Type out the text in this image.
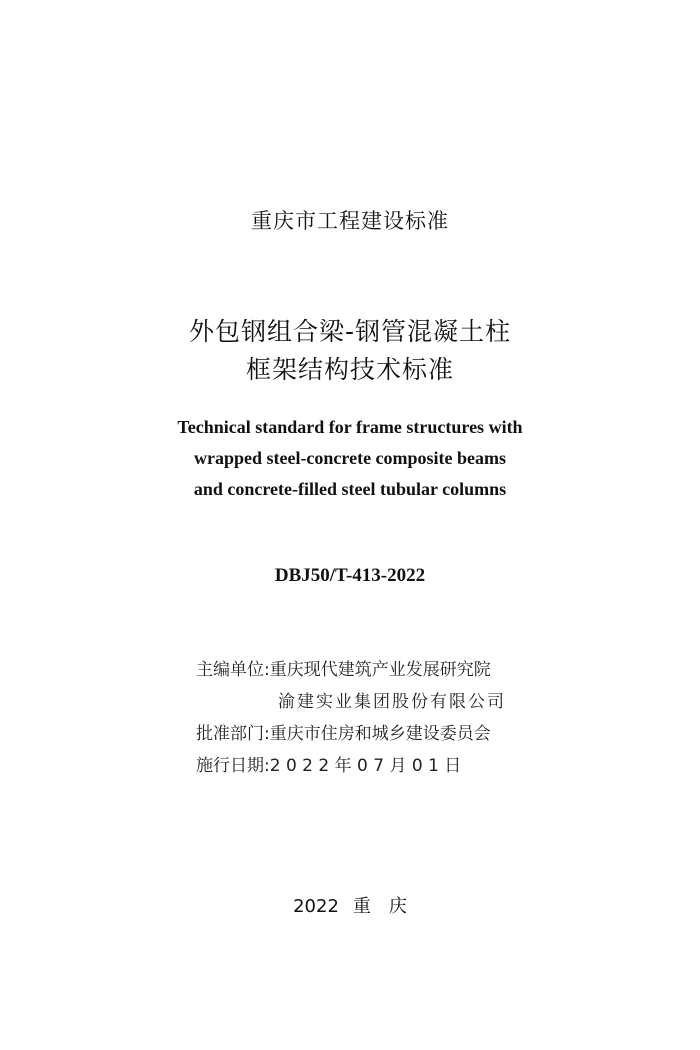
重庆市工程建设标准
外包钢组合梁-钢管混凝土柱
框架结构技术标准
Technical standard for frame structures with
wrapped steel-concrete composite beams
and concrete-filled steel tubular columns
DBJ50/T-413-2022
主编单位:重庆现代建筑产业发展研究院
渝建实业集团股份有限公司
批准部门:重庆市住房和城乡建设委员会
施行日期:2 0 2 2 年 0 7 月 0 1 日
2022 重 庆
